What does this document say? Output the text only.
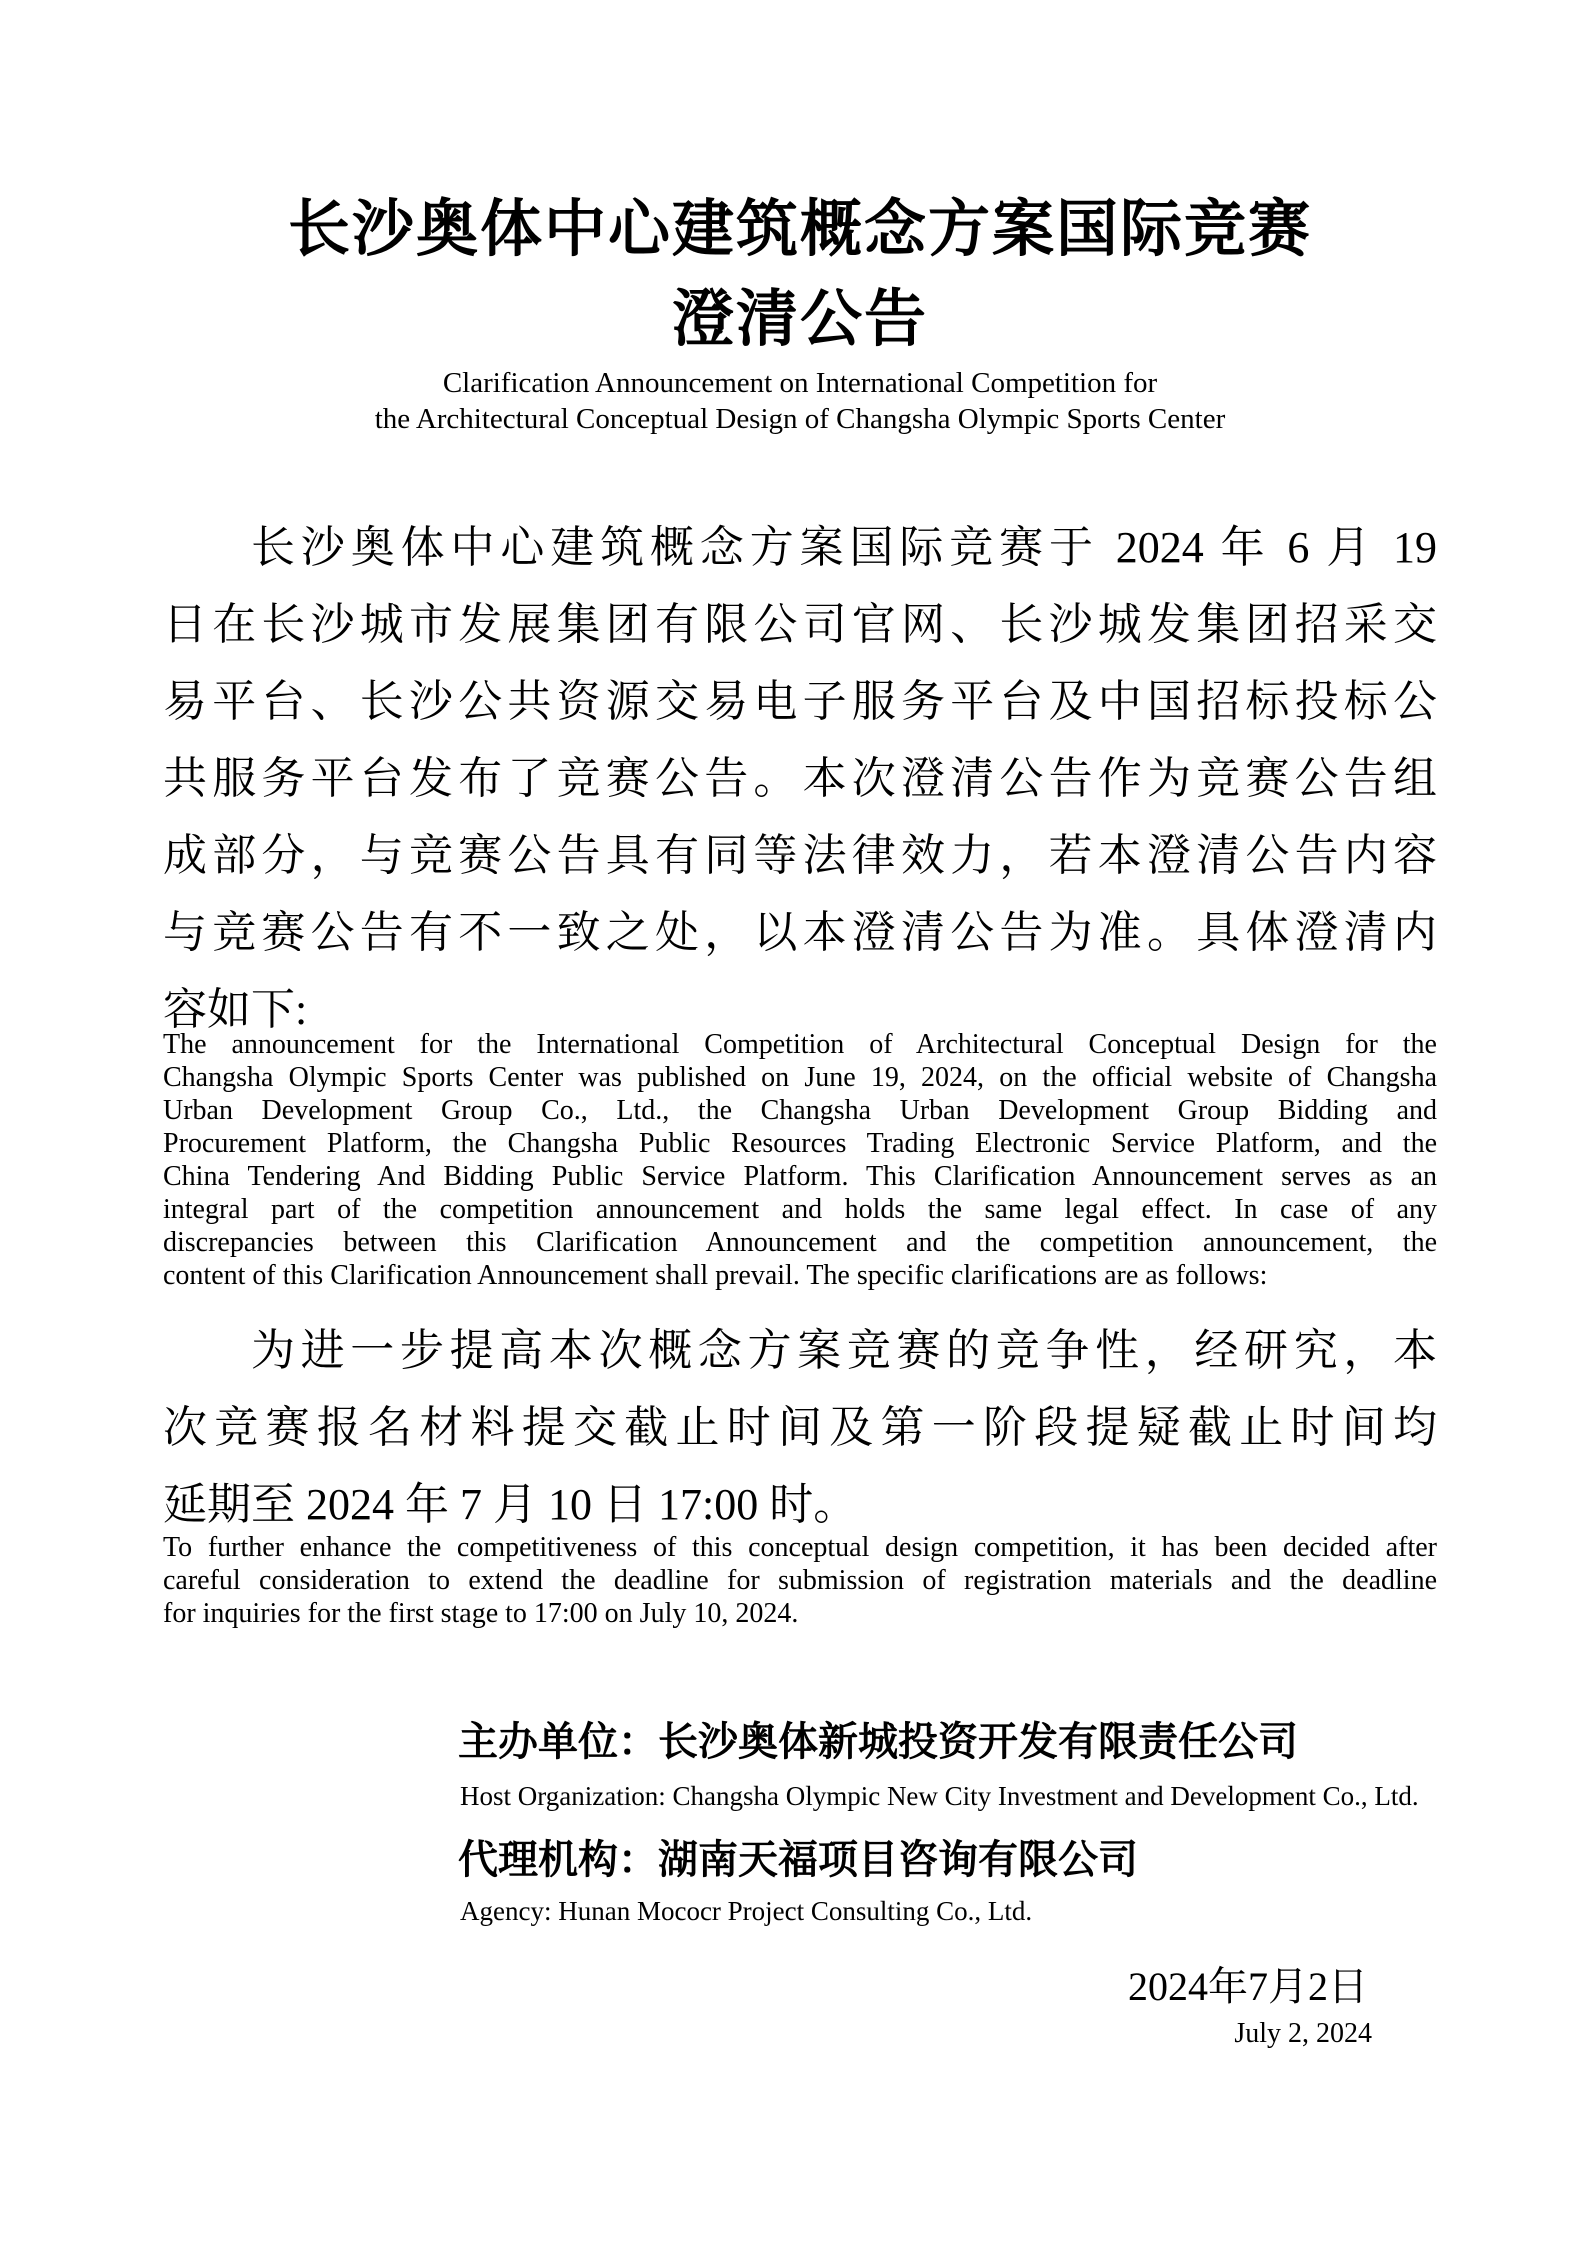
长沙奥体中心建筑概念方案国际竞赛
澄清公告
Clarification Announcement on International Competition for
the Architectural Conceptual Design of Changsha Olympic Sports Center
长沙奥体中心建筑概念方案国际竞赛于 2024 年 6 月 19
日在长沙城市发展集团有限公司官网、长沙城发集团招采交
易平台、长沙公共资源交易电子服务平台及中国招标投标公
共服务平台发布了竞赛公告。本次澄清公告作为竞赛公告组
成部分，与竞赛公告具有同等法律效力，若本澄清公告内容
与竞赛公告有不一致之处，以本澄清公告为准。具体澄清内
容如下:
The announcement for the International Competition of Architectural Conceptual Design for the
Changsha Olympic Sports Center was published on June 19, 2024, on the official website of Changsha
Urban Development Group Co., Ltd., the Changsha Urban Development Group Bidding and
Procurement Platform, the Changsha Public Resources Trading Electronic Service Platform, and the
China Tendering And Bidding Public Service Platform. This Clarification Announcement serves as an
integral part of the competition announcement and holds the same legal effect. In case of any
discrepancies between this Clarification Announcement and the competition announcement, the
content of this Clarification Announcement shall prevail. The specific clarifications are as follows:
为进一步提高本次概念方案竞赛的竞争性，经研究，本
次竞赛报名材料提交截止时间及第一阶段提疑截止时间均
延期至 2024 年 7 月 10 日 17:00 时。
To further enhance the competitiveness of this conceptual design competition, it has been decided after
careful consideration to extend the deadline for submission of registration materials and the deadline
for inquiries for the first stage to 17:00 on July 10, 2024.
主办单位：长沙奥体新城投资开发有限责任公司
Host Organization: Changsha Olympic New City Investment and Development Co., Ltd.
代理机构：湖南天福项目咨询有限公司
Agency: Hunan Mococr Project Consulting Co., Ltd.
2024年7月2日
July 2, 2024
